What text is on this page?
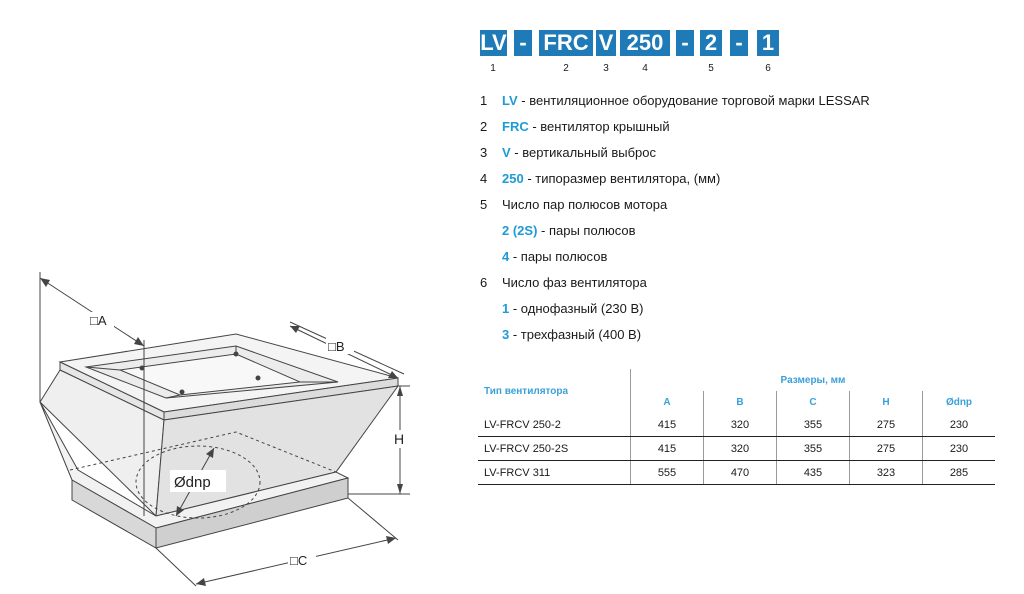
□A
□B
H
□C
Ødnp
LV - FRC V 250 - 2 - 1
1	2	3	4	5	6
1 LV - вентиляционное оборудование торговой марки LESSAR
2 FRC - вентилятор крышный
3 V - вертикальный выброс
4 250 - типоразмер вентилятора, (мм)
5 Число пар полюсов мотора
2 (2S) - пары полюсов
4 - пары полюсов
6 Число фаз вентилятора
1 - однофазный (230 В)
3 - трехфазный (400 В)
Тип вентилятора	Размеры, мм				
	A	B	C	H	Ødnp
LV-FRCV 250-2	415	320	355	275	230
LV-FRCV 250-2S	415	320	355	275	230
LV-FRCV 311	555	470	435	323	285
